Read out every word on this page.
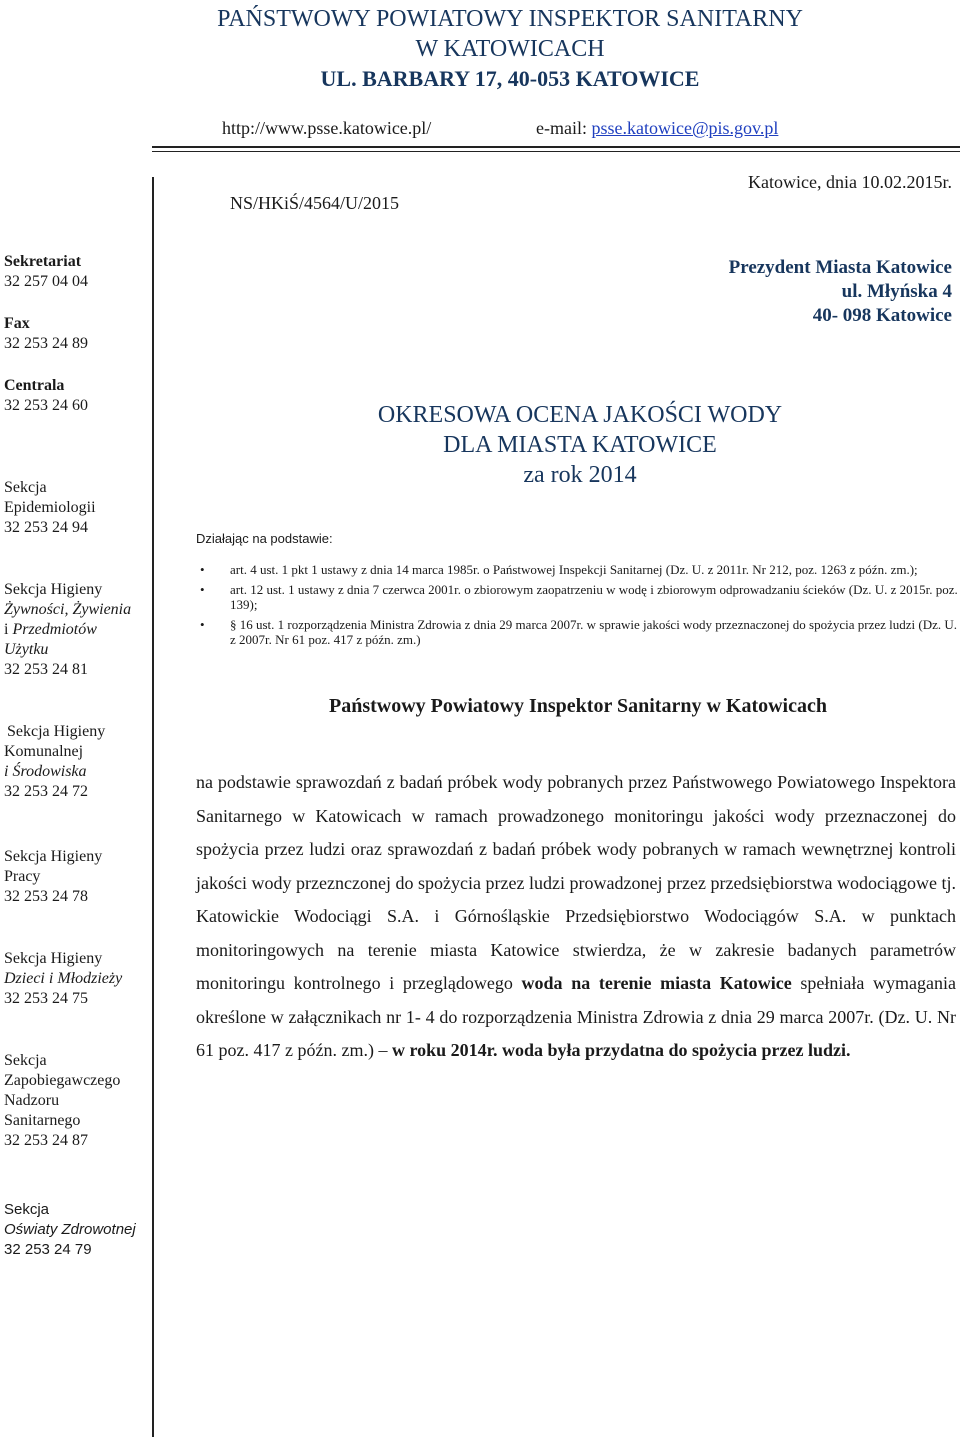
PAŃSTWOWY POWIATOWY INSPEKTOR SANITARNY
W KATOWICACH
UL. BARBARY 17, 40-053 KATOWICE
http://www.psse.katowice.pl/	e-mail: psse.katowice@pis.gov.pl
Katowice, dnia 10.02.2015r.
NS/HKiŚ/4564/U/2015
Sekretariat
32 257 04 04
Fax
32 253 24 89
Centrala
32 253 24 60
Sekcja
Epidemiologii
32 253 24 94
Sekcja Higieny
Żywności, Żywienia
i Przedmiotów
Użytku
32 253 24 81
Sekcja Higieny
Komunalnej
i Środowiska
32 253 24 72
Sekcja Higieny
Pracy
32 253 24 78
Sekcja Higieny
Dzieci i Młodzieży
32 253 24 75
Sekcja
Zapobiegawczego
Nadzoru
Sanitarnego
32 253 24 87
Sekcja
Oświaty Zdrowotnej
32 253 24 79
Prezydent Miasta Katowice
ul. Młyńska 4
40- 098 Katowice
OKRESOWA OCENA JAKOŚCI WODY
DLA MIASTA KATOWICE
za rok 2014
Działając na podstawie:
• art. 4 ust. 1 pkt 1 ustawy z dnia 14 marca 1985r. o Państwowej Inspekcji Sanitarnej (Dz. U. z 2011r. Nr 212, poz. 1263 z późn. zm.);
• art. 12 ust. 1 ustawy z dnia 7 czerwca 2001r. o zbiorowym zaopatrzeniu w wodę i zbiorowym odprowadzaniu ścieków (Dz. U. z 2015r. poz. 139);
• § 16 ust. 1 rozporządzenia Ministra Zdrowia z dnia 29 marca 2007r. w sprawie jakości wody przeznaczonej do spożycia przez ludzi (Dz. U. z 2007r. Nr 61 poz. 417 z późn. zm.)
Państwowy Powiatowy Inspektor Sanitarny w Katowicach
na podstawie sprawozdań z badań próbek wody pobranych przez Państwowego Powiatowego Inspektora Sanitarnego w Katowicach w ramach prowadzonego monitoringu jakości wody przeznaczonej do spożycia przez ludzi oraz sprawozdań z badań próbek wody pobranych w ramach wewnętrznej kontroli jakości wody przeznczonej do spożycia przez ludzi prowadzonej przez przedsiębiorstwa wodociągowe tj. Katowickie Wodociągi S.A. i Górnośląskie Przedsiębiorstwo Wodociągów S.A. w punktach monitoringowych na terenie miasta Katowice stwierdza, że w zakresie badanych parametrów monitoringu kontrolnego i przeglądowego woda na terenie miasta Katowice spełniała wymagania określone w załącznikach nr 1- 4 do rozporządzenia Ministra Zdrowia z dnia 29 marca 2007r. (Dz. U. Nr 61 poz. 417 z późn. zm.) – w roku 2014r. woda była przydatna do spożycia przez ludzi.
